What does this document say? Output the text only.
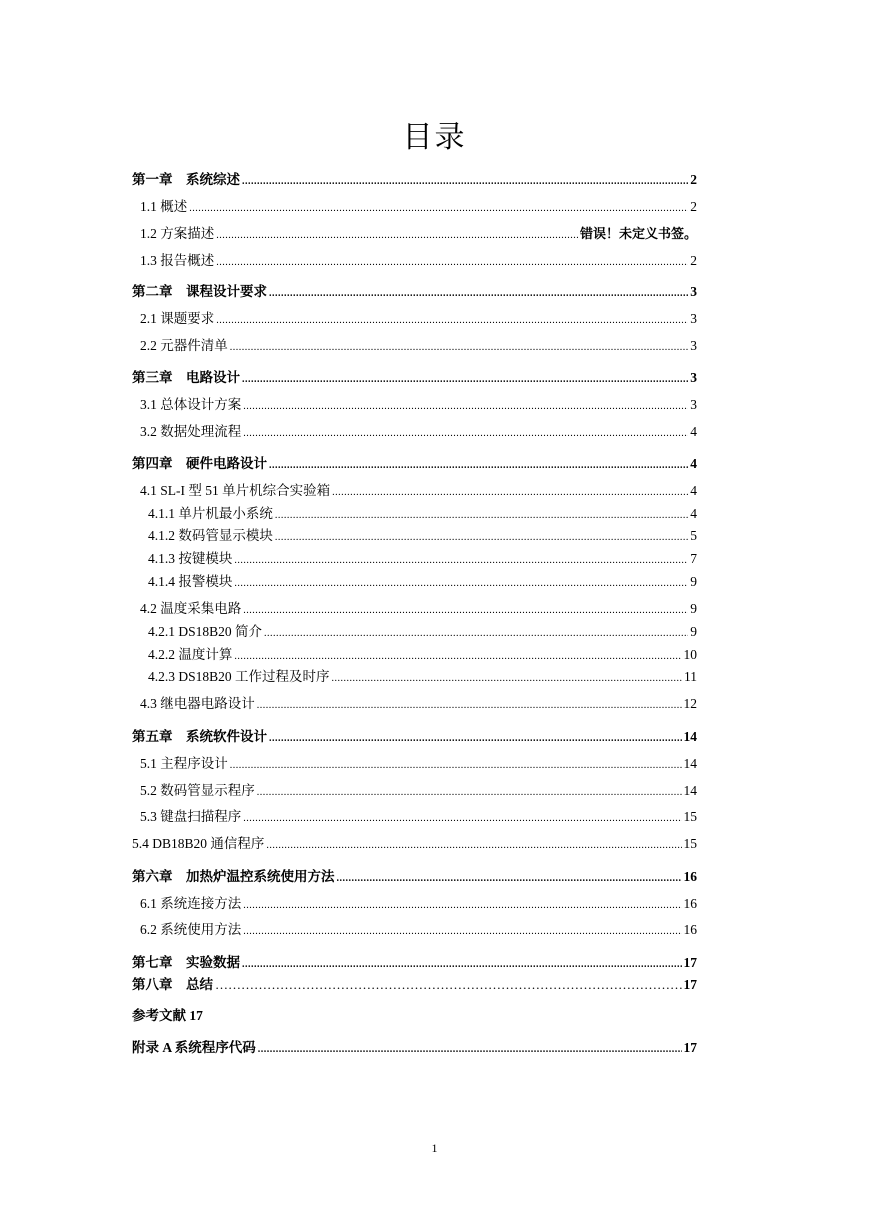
目录
第一章　系统综述 .....	2
1.1 概述 .....	2
1.2 方案描述 .....	错误！未定义书签。
1.3 报告概述 .....	2
第二章　课程设计要求 .....	3
2.1 课题要求 .....	3
2.2 元器件清单 .....	3
第三章　电路设计 .....	3
3.1 总体设计方案 .....	3
3.2 数据处理流程 .....	4
第四章　硬件电路设计 .....	4
4.1 SL-I 型 51 单片机综合实验箱 .....	4
4.1.1 单片机最小系统 .....	4
4.1.2 数码管显示模块 .....	5
4.1.3 按键模块 .....	7
4.1.4 报警模块 .....	9
4.2 温度采集电路 .....	9
4.2.1 DS18B20 简介 .....	9
4.2.2 温度计算 .....	10
4.2.3 DS18B20 工作过程及时序 .....	11
4.3 继电器电路设计 .....	12
第五章　系统软件设计 .....	14
5.1 主程序设计 .....	14
5.2 数码管显示程序 .....	14
5.3 键盘扫描程序 .....	15
5.4 DB18B20 通信程序 .....	15
第六章　加热炉温控系统使用方法 .....	16
6.1 系统连接方法 .....	16
6.2 系统使用方法 .....	16
第七章　实验数据 .....	17
第八章　总结 …………………………………………………………………………………………………………………………	17
参考文献 17
附录 A 系统程序代码 .....	17
1
